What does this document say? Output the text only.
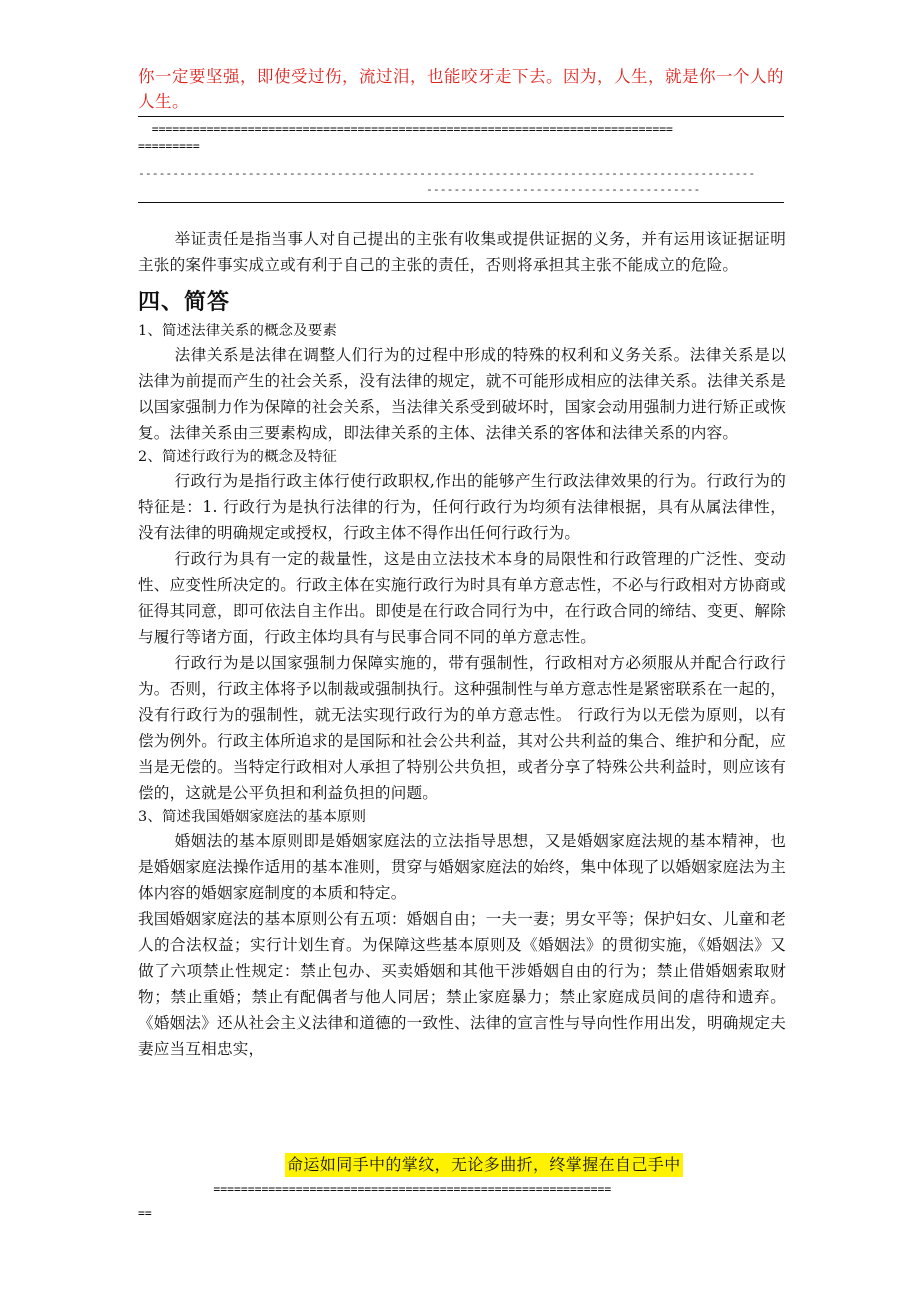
你一定要坚强，即使受过伤，流过泪，也能咬牙走下去。因为，人生，就是你一个人的人生。
============================================================================
=========
------------------------------------------------------------------------------------------
----------------------------------------

举证责任是指当事人对自己提出的主张有收集或提供证据的义务，并有运用该证据证明主张的案件事实成立或有利于自己的主张的责任，否则将承担其主张不能成立的危险。

四、简答

1、简述法律关系的概念及要素

法律关系是法律在调整人们行为的过程中形成的特殊的权利和义务关系。法律关系是以法律为前提而产生的社会关系，没有法律的规定，就不可能形成相应的法律关系。法律关系是以国家强制力作为保障的社会关系，当法律关系受到破坏时，国家会动用强制力进行矫正或恢复。法律关系由三要素构成，即法律关系的主体、法律关系的客体和法律关系的内容。

2、简述行政行为的概念及特征

行政行为是指行政主体行使行政职权,作出的能够产生行政法律效果的行为。行政行为的特征是：1. 行政行为是执行法律的行为，任何行政行为均须有法律根据，具有从属法律性，没有法律的明确规定或授权，行政主体不得作出任何行政行为。

行政行为具有一定的裁量性，这是由立法技术本身的局限性和行政管理的广泛性、变动性、应变性所决定的。行政主体在实施行政行为时具有单方意志性，不必与行政相对方协商或征得其同意，即可依法自主作出。即使是在行政合同行为中，在行政合同的缔结、变更、解除与履行等诸方面，行政主体均具有与民事合同不同的单方意志性。

行政行为是以国家强制力保障实施的，带有强制性，行政相对方必须服从并配合行政行为。否则，行政主体将予以制裁或强制执行。这种强制性与单方意志性是紧密联系在一起的，没有行政行为的强制性，就无法实现行政行为的单方意志性。 行政行为以无偿为原则，以有偿为例外。行政主体所追求的是国际和社会公共利益，其对公共利益的集合、维护和分配，应当是无偿的。当特定行政相对人承担了特别公共负担，或者分享了特殊公共利益时，则应该有偿的，这就是公平负担和利益负担的问题。

3、简述我国婚姻家庭法的基本原则

婚姻法的基本原则即是婚姻家庭法的立法指导思想，又是婚姻家庭法规的基本精神，也是婚姻家庭法操作适用的基本准则，贯穿与婚姻家庭法的始终，集中体现了以婚姻家庭法为主体内容的婚姻家庭制度的本质和特定。

我国婚姻家庭法的基本原则公有五项：婚姻自由；一夫一妻；男女平等；保护妇女、儿童和老人的合法权益；实行计划生育。为保障这些基本原则及《婚姻法》的贯彻实施，《婚姻法》又做了六项禁止性规定：禁止包办、买卖婚姻和其他干涉婚姻自由的行为；禁止借婚姻索取财物；禁止重婚；禁止有配偶者与他人同居；禁止家庭暴力；禁止家庭成员间的虐待和遗弃。《婚姻法》还从社会主义法律和道德的一致性、法律的宣言性与导向性作用出发，明确规定夫妻应当互相忠实，

命运如同手中的掌纹，无论多曲折，终掌握在自己手中
==========================================================
==
